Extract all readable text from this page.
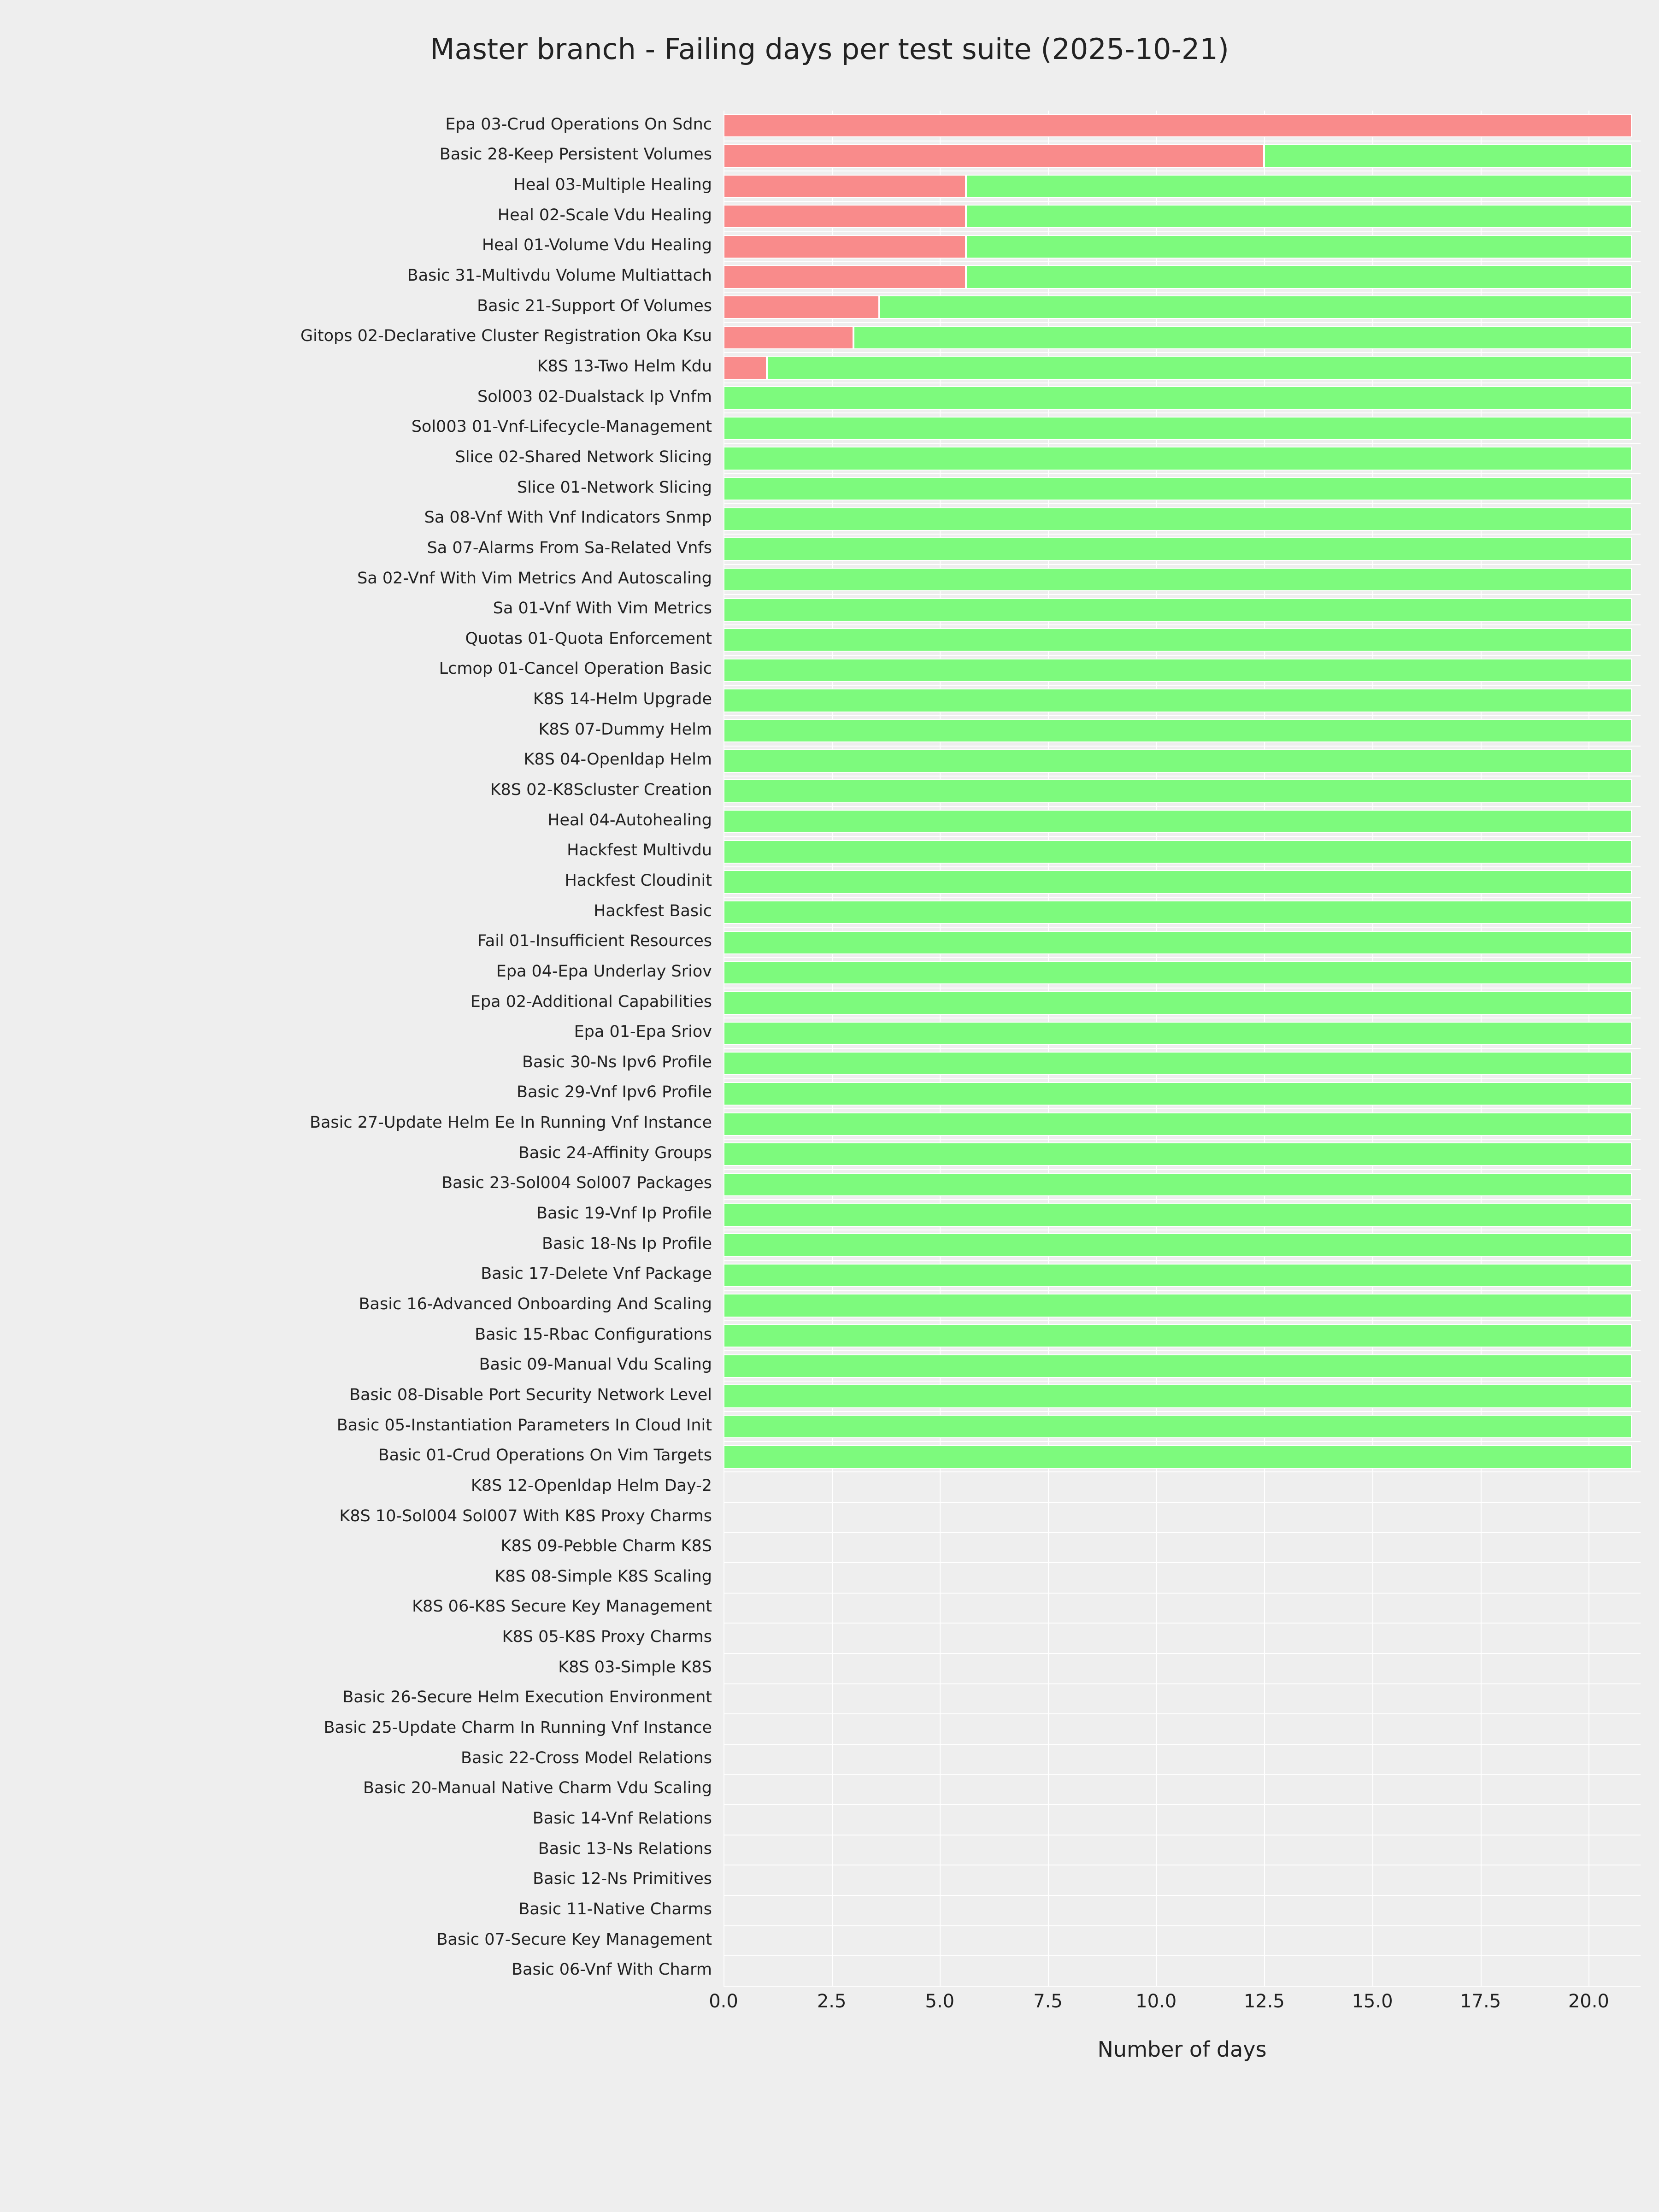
Master branch - Failing days per test suite (2025-10-21)
Epa 03-Crud Operations On Sdnc
Basic 28-Keep Persistent Volumes
Heal 03-Multiple Healing
Heal 02-Scale Vdu Healing
Heal 01-Volume Vdu Healing
Basic 31-Multivdu Volume Multiattach
Basic 21-Support Of Volumes
Gitops 02-Declarative Cluster Registration Oka Ksu
K8S 13-Two Helm Kdu
Sol003 02-Dualstack Ip Vnfm
Sol003 01-Vnf-Lifecycle-Management
Slice 02-Shared Network Slicing
Slice 01-Network Slicing
Sa 08-Vnf With Vnf Indicators Snmp
Sa 07-Alarms From Sa-Related Vnfs
Sa 02-Vnf With Vim Metrics And Autoscaling
Sa 01-Vnf With Vim Metrics
Quotas 01-Quota Enforcement
Lcmop 01-Cancel Operation Basic
K8S 14-Helm Upgrade
K8S 07-Dummy Helm
K8S 04-Openldap Helm
K8S 02-K8Scluster Creation
Heal 04-Autohealing
Hackfest Multivdu
Hackfest Cloudinit
Hackfest Basic
Fail 01-Insufficient Resources
Epa 04-Epa Underlay Sriov
Epa 02-Additional Capabilities
Epa 01-Epa Sriov
Basic 30-Ns Ipv6 Profile
Basic 29-Vnf Ipv6 Profile
Basic 27-Update Helm Ee In Running Vnf Instance
Basic 24-Affinity Groups
Basic 23-Sol004 Sol007 Packages
Basic 19-Vnf Ip Profile
Basic 18-Ns Ip Profile
Basic 17-Delete Vnf Package
Basic 16-Advanced Onboarding And Scaling
Basic 15-Rbac Configurations
Basic 09-Manual Vdu Scaling
Basic 08-Disable Port Security Network Level
Basic 05-Instantiation Parameters In Cloud Init
Basic 01-Crud Operations On Vim Targets
K8S 12-Openldap Helm Day-2
K8S 10-Sol004 Sol007 With K8S Proxy Charms
K8S 09-Pebble Charm K8S
K8S 08-Simple K8S Scaling
K8S 06-K8S Secure Key Management
K8S 05-K8S Proxy Charms
K8S 03-Simple K8S
Basic 26-Secure Helm Execution Environment
Basic 25-Update Charm In Running Vnf Instance
Basic 22-Cross Model Relations
Basic 20-Manual Native Charm Vdu Scaling
Basic 14-Vnf Relations
Basic 13-Ns Relations
Basic 12-Ns Primitives
Basic 11-Native Charms
Basic 07-Secure Key Management
Basic 06-Vnf With Charm
0.0	2.5	5.0	7.5	10.0	12.5	15.0	17.5	20.0
Number of days
